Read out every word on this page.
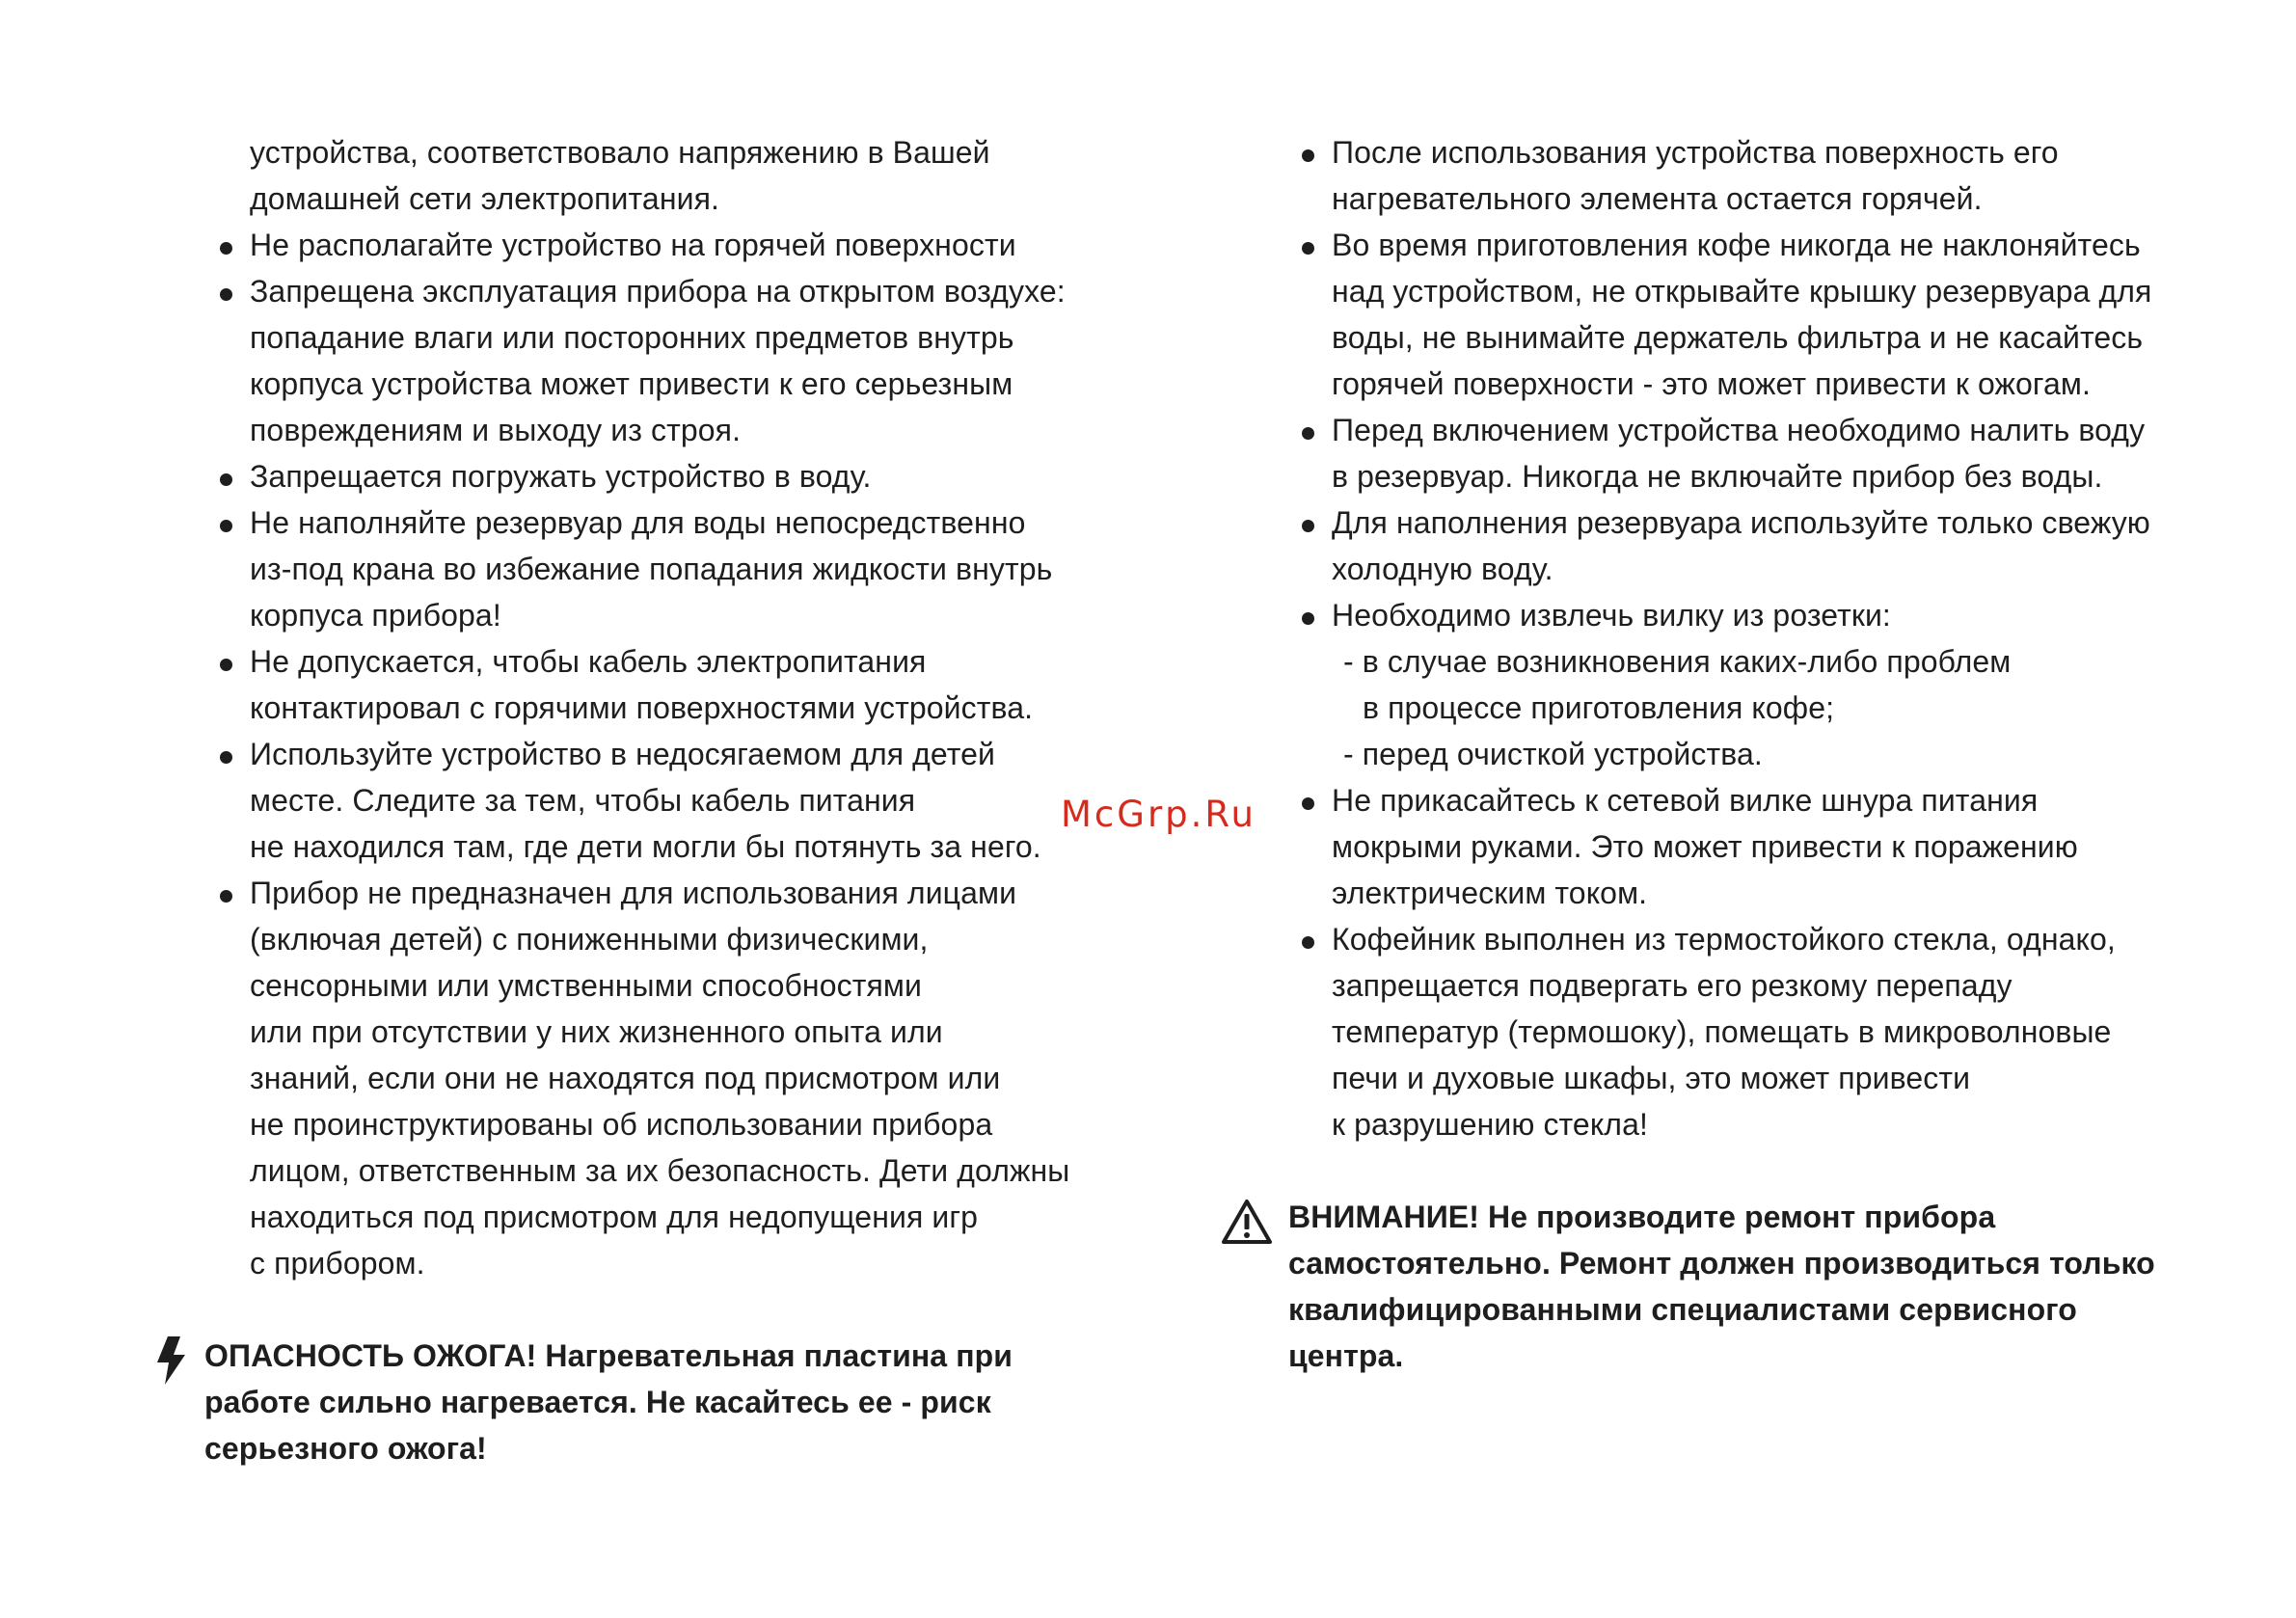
устройства, соответствовало напряжению в Вашей
домашней сети электропитания.
Не располагайте устройство на горячей поверхности
Запрещена эксплуатация прибора на открытом воздухе:
попадание влаги или посторонних предметов внутрь
корпуса устройства может привести к его серьезным
повреждениям и выходу из строя.
Запрещается погружать устройство в воду.
Не наполняйте резервуар для воды непосредственно
из-под крана во избежание попадания жидкости внутрь
корпуса прибора!
Не допускается, чтобы кабель электропитания
контактировал с горячими поверхностями устройства.
Используйте устройство в недосягаемом для детей
месте. Следите за тем, чтобы кабель питания
не находился там, где дети могли бы потянуть за него.
Прибор не предназначен для использования лицами
(включая детей) с пониженными физическими,
сенсорными или умственными способностями
или при отсутствии у них жизненного опыта или
знаний, если они не находятся под присмотром или
не проинструктированы об использовании прибора
лицом, ответственным за их безопасность. Дети должны
находиться под присмотром для недопущения игр
с прибором.
ОПАСНОСТЬ ОЖОГА! Нагревательная пластина при
работе сильно нагревается. Не касайтесь ее - риск
серьезного ожога!
McGrp.Ru
После использования устройства поверхность его
нагревательного элемента остается горячей.
Во время приготовления кофе никогда не наклоняйтесь
над устройством, не открывайте крышку резервуара для
воды, не вынимайте держатель фильтра и не касайтесь
горячей поверхности - это может привести к ожогам.
Перед включением устройства необходимо налить воду
в резервуар. Никогда не включайте прибор без воды.
Для наполнения резервуара используйте только свежую
холодную воду.
Необходимо извлечь вилку из розетки:
- в случае возникновения каких-либо проблем
в процессе приготовления кофе;
- перед очисткой устройства.
Не прикасайтесь к сетевой вилке шнура питания
мокрыми руками. Это может привести к поражению
электрическим током.
Кофейник выполнен из термостойкого стекла, однако,
запрещается подвергать его резкому перепаду
температур (термошоку), помещать в микроволновые
печи и духовые шкафы, это может привести
к разрушению стекла!
ВНИМАНИЕ! Не производите ремонт прибора
самостоятельно. Ремонт должен производиться только
квалифицированными специалистами сервисного
центра.
